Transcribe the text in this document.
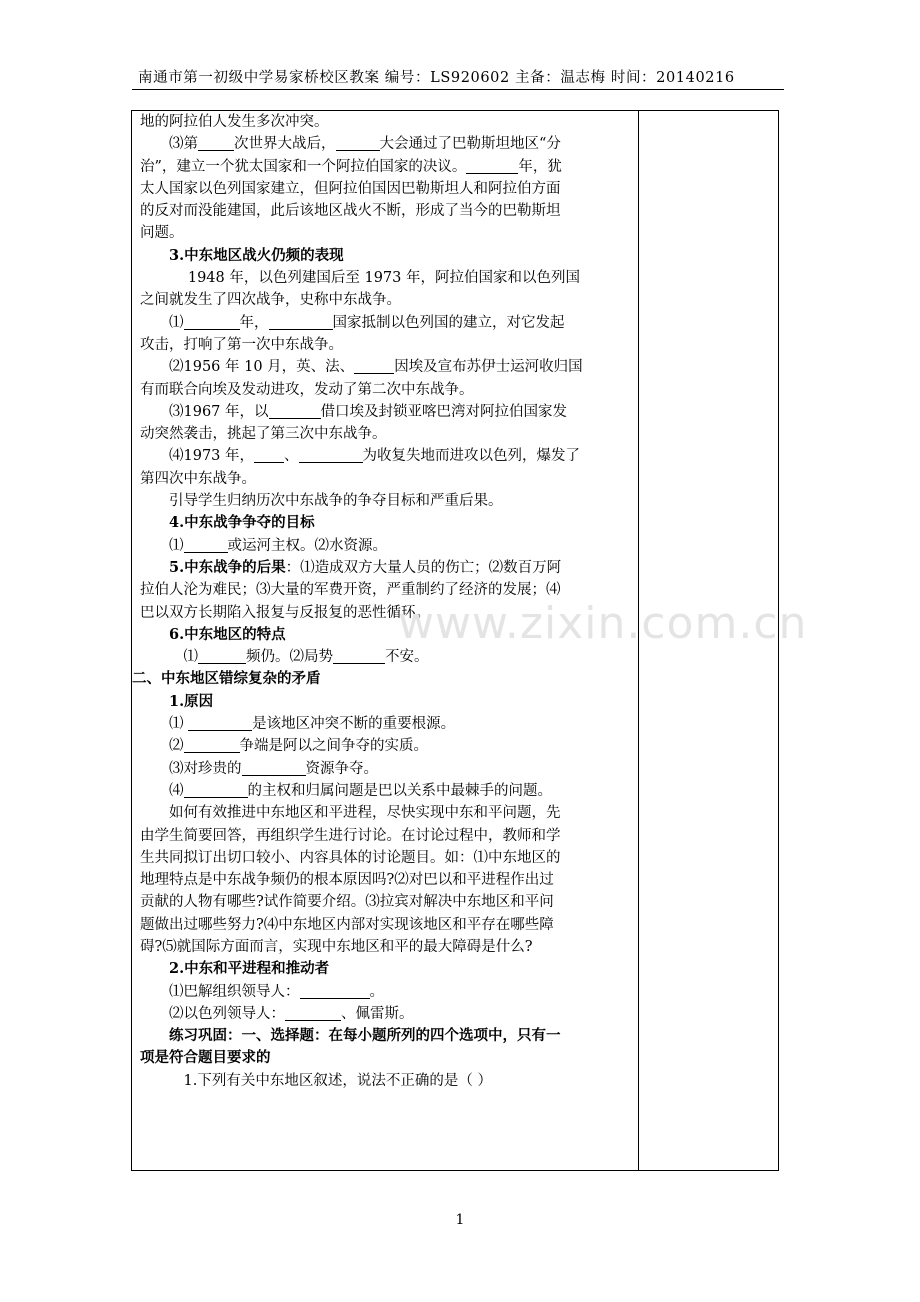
南通市第一初级中学易家桥校区教案 编号：LS920602 主备：温志梅 时间：20140216

地的阿拉伯人发生多次冲突。

⑶第 次世界大战后，	大会通过了巴勒斯坦地区“分

治”，建立一个犹太国家和一个阿拉伯国家的决议。	年，犹

太人国家以色列国家建立，但阿拉伯国因巴勒斯坦人和阿拉伯方面

的反对而没能建国，此后该地区战火不断，形成了当今的巴勒斯坦

问题。

3.中东地区战火仍频的表现

1948 年，以色列建国后至 1973 年，阿拉伯国家和以色列国

之间就发生了四次战争，史称中东战争。

⑴	年，	国家抵制以色列国的建立，对它发起

攻击，打响了第一次中东战争。

⑵1956 年 10 月，英、法、	因埃及宣布苏伊士运河收归国

有而联合向埃及发动进攻，发动了第二次中东战争。

⑶1967 年，以	借口埃及封锁亚喀巴湾对阿拉伯国家发

动突然袭击，挑起了第三次中东战争。

⑷1973 年， 、	为收复失地而进攻以色列，爆发了

第四次中东战争。

引导学生归纳历次中东战争的争夺目标和严重后果。

4.中东战争争夺的目标

⑴	或运河主权。⑵水资源。

5.中东战争的后果：⑴造成双方大量人员的伤亡；⑵数百万阿

拉伯人沦为难民；⑶大量的军费开资，严重制约了经济的发展；⑷

巴以双方长期陷入报复与反报复的恶性循环。

6.中东地区的特点

⑴	频仍。⑵局势	不安。

二、中东地区错综复杂的矛盾

1.原因

⑴	是该地区冲突不断的重要根源。

⑵	争端是阿以之间争夺的实质。

⑶对珍贵的	资源争夺。

⑷	的主权和归属问题是巴以关系中最棘手的问题。

如何有效推进中东地区和平进程，尽快实现中东和平问题，先

由学生简要回答，再组织学生进行讨论。在讨论过程中，教师和学

生共同拟订出切口较小、内容具体的讨论题目。如：⑴中东地区的

地理特点是中东战争频仍的根本原因吗?⑵对巴以和平进程作出过

贡献的人物有哪些?试作简要介绍。⑶拉宾对解决中东地区和平问

题做出过哪些努力?⑷中东地区内部对实现该地区和平存在哪些障

碍?⑸就国际方面而言，实现中东地区和平的最大障碍是什么?

2.中东和平进程和推动者

⑴巴解组织领导人：	。

⑵以色列领导人：	、佩雷斯。

练习巩固：一、选择题：在每小题所列的四个选项中，只有一

项是符合题目要求的

1.下列有关中东地区叙述，说法不正确的是（ ）

www.zixin.com.cn
1
